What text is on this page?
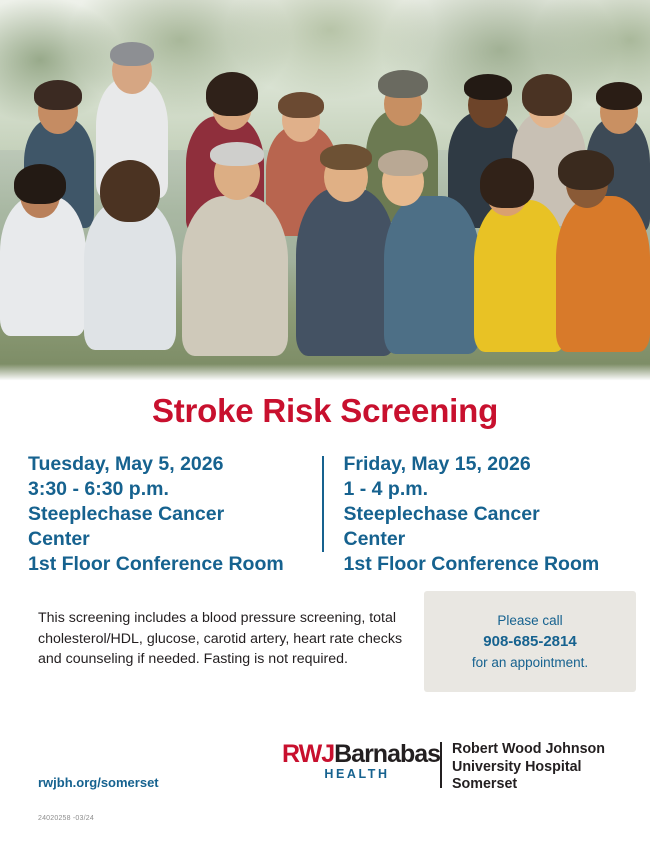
Stroke Risk Screening
Tuesday, May 5, 2026
3:30 - 6:30 p.m.
Steeplechase Cancer
Center
1st Floor Conference Room
Friday, May 15, 2026
1 - 4 p.m.
Steeplechase Cancer
Center
1st Floor Conference Room
This screening includes a blood pressure screening, total cholesterol/HDL, glucose, carotid artery, heart rate checks and counseling if needed. Fasting is not required.
Please call
908-685-2814
for an appointment.
rwjbh.org/somerset
24020258 -03/24
RWJBarnabas
HEALTH
Robert Wood Johnson
University Hospital
Somerset
